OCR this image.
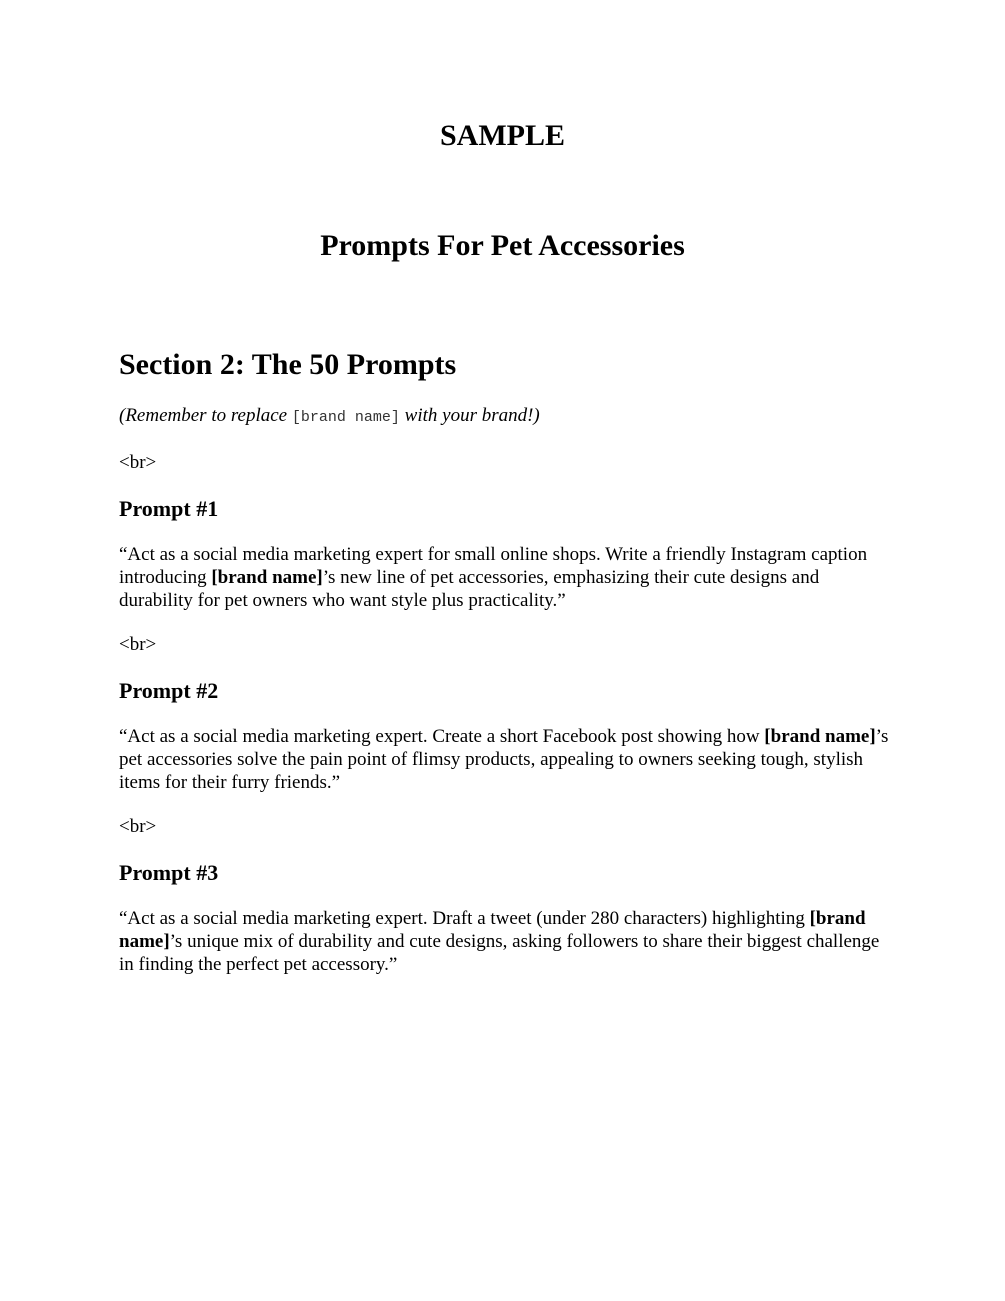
SAMPLE
Prompts For Pet Accessories
Section 2: The 50 Prompts

(Remember to replace [brand name] with your brand!)

<br>

Prompt #1

“Act as a social media marketing expert for small online shops. Write a friendly Instagram caption introducing [brand name]’s new line of pet accessories, emphasizing their cute designs and durability for pet owners who want style plus practicality.”

<br>

Prompt #2

“Act as a social media marketing expert. Create a short Facebook post showing how [brand name]’s pet accessories solve the pain point of flimsy products, appealing to owners seeking tough, stylish items for their furry friends.”

<br>

Prompt #3

“Act as a social media marketing expert. Draft a tweet (under 280 characters) highlighting [brand name]’s unique mix of durability and cute designs, asking followers to share their biggest challenge in finding the perfect pet accessory.”
